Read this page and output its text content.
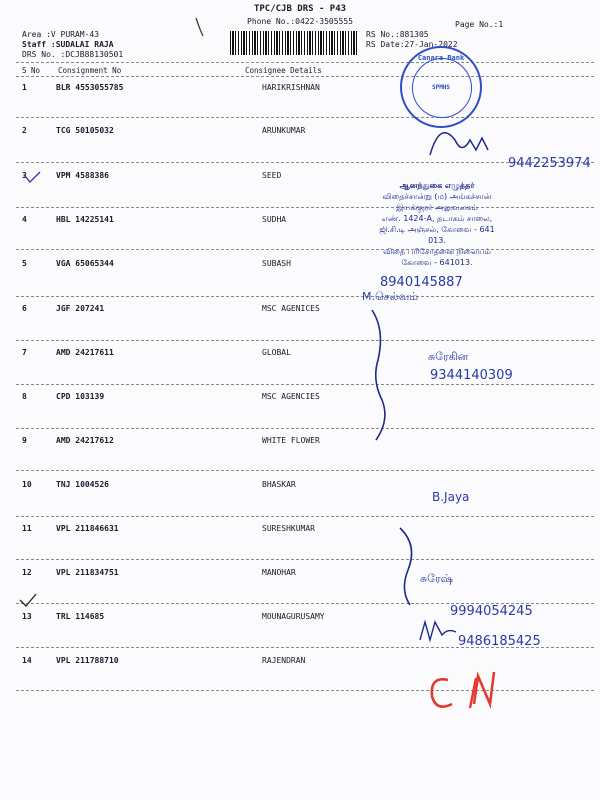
TPC/CJB DRS - P43
Phone No.:0422-3505555	Page No.:1
Area :V PURAM-43
Staff :SUDALAI RAJA
DRS No. :DCJB88130501
RS No.:881305
RS Date:27-Jan-2022
S No Consignment No	Consignee Details
1	BLR 4553055785	HARIKRISHNAN
2	TCG 50105032	ARUNKUMAR
3	VPM 4588386	SEED
4	HBL 14225141	SUDHA
5	VGA 65065344	SUBASH
6	JGF 207241	MSC AGENICES
7	AMD 24217611	GLOBAL
8	CPD 103139	MSC AGENCIES
9	AMD 24217612	WHITE FLOWER
10	TNJ 1004526	BHASKAR
11	VPL 211846631	SURESHKUMAR
12	VPL 211834751	MANOHAR
13	TRL 114685	MOUNAGURUSAMY
14	VPL 211788710	RAJENDRAN
Canara Bank
SPMHS
ஆனந்துகை எழுத்தர்
விதைச்சான்று (ம) அங்கச்சான்
இயக்குநர் அலுவலகம்
எண். 1424-A, தடாகம் சாலை,
ஜி.சி.டி அஞ்சல், கோவை - 641 013.
விதை பரிசோதனை நிலையம்
கோவை - 641013.
9442253974
8940145887
M.செல்வம்
சுரேகின
9344140309
B.Jaya
சுரேஷ்
9994054245
9486185425
